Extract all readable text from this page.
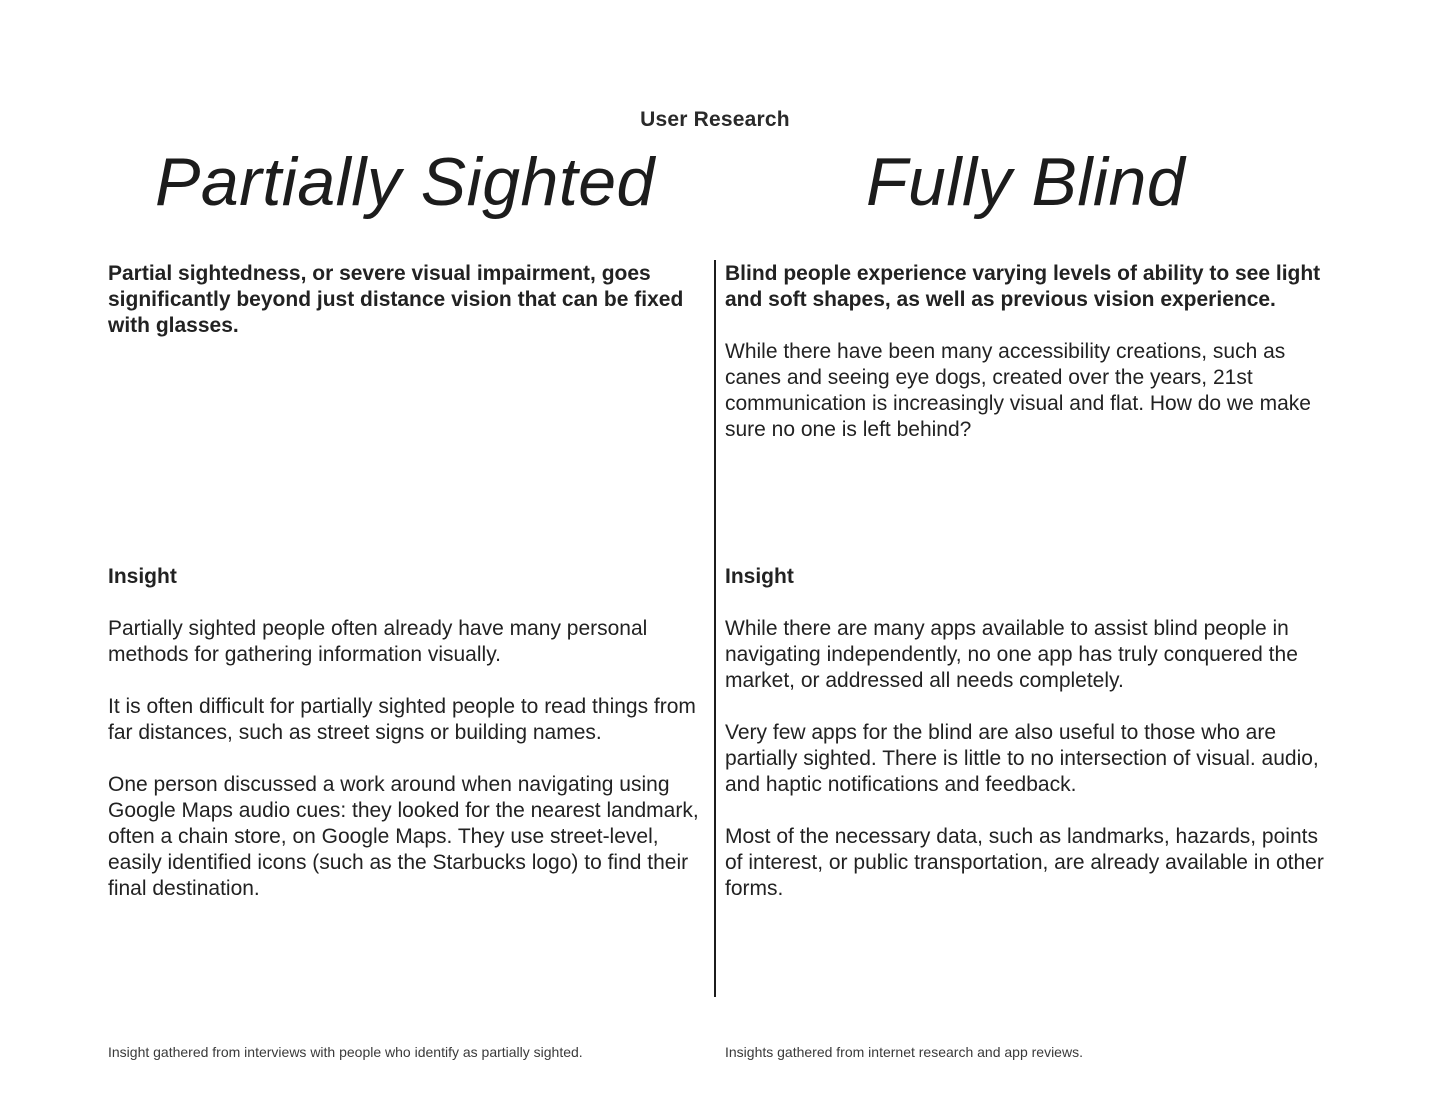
User Research
Partially Sighted	Fully Blind

Partial sightedness, or severe visual impairment, goes significantly beyond just distance vision that can be fixed with glasses.

Blind people experience varying levels of ability to see light and soft shapes, as well as previous vision experience.

While there have been many accessibility creations, such as canes and seeing eye dogs, created over the years, 21st communication is increasingly visual and flat. How do we make sure no one is left behind?

Insight

Partially sighted people often already have many personal methods for gathering information visually.

It is often difficult for partially sighted people to read things from far distances, such as street signs or building names.

One person discussed a work around when navigating using Google Maps audio cues: they looked for the nearest landmark, often a chain store, on Google Maps. They use street-level, easily identified icons (such as the Starbucks logo) to find their final destination.

Insight

While there are many apps available to assist blind people in navigating independently, no one app has truly conquered the market, or addressed all needs completely.

Very few apps for the blind are also useful to those who are partially sighted. There is little to no intersection of visual. audio, and haptic notifications and feedback.

Most of the necessary data, such as landmarks, hazards, points of interest, or public transportation, are already available in other forms.

Insight gathered from interviews with people who identify as partially sighted.	Insights gathered from internet research and app reviews.
